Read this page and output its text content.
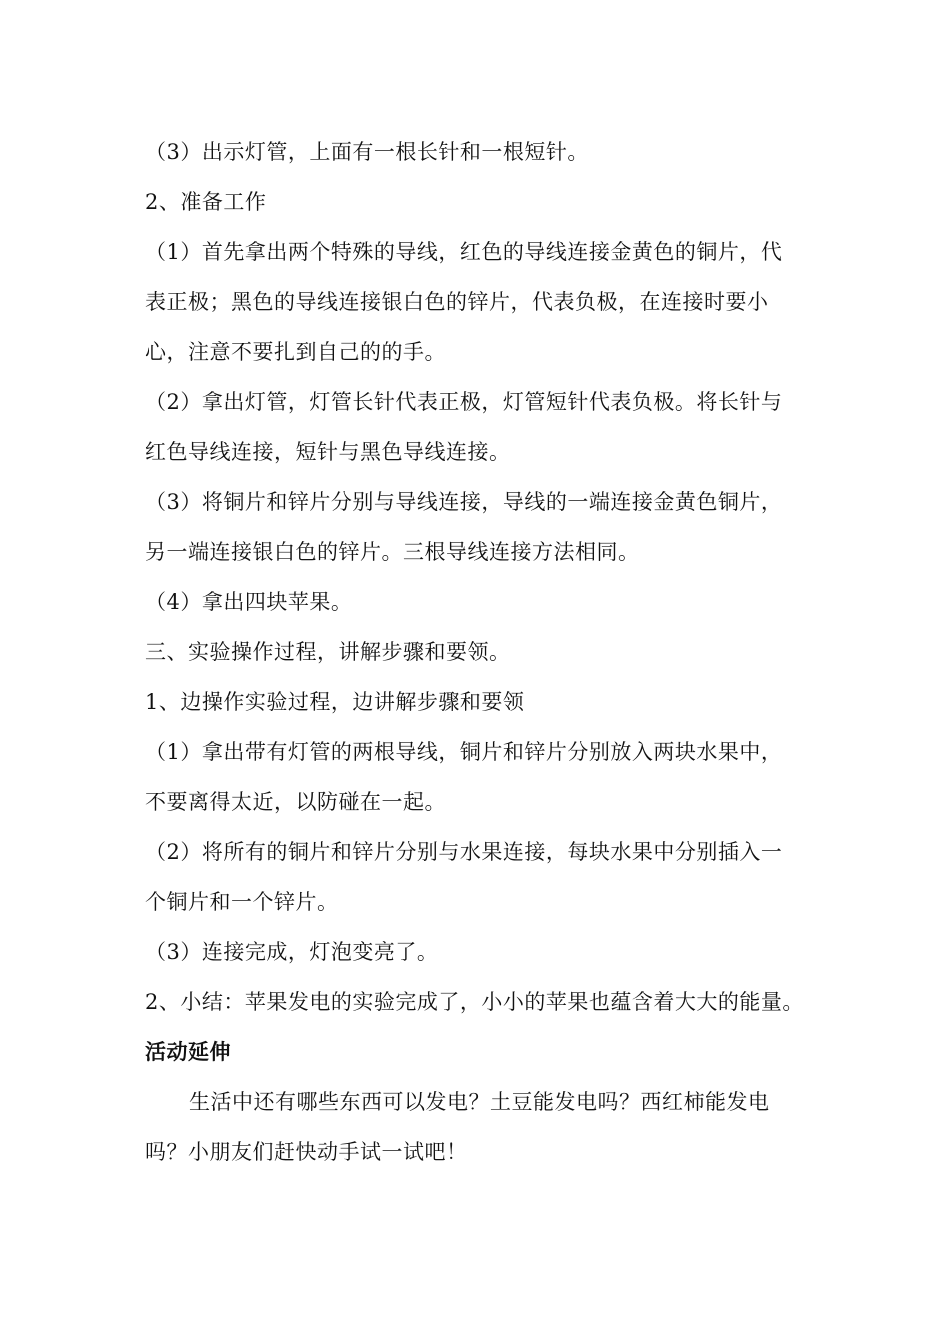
（3）出示灯管，上面有一根长针和一根短针。
2、准备工作
（1）首先拿出两个特殊的导线，红色的导线连接金黄色的铜片，代
表正极；黑色的导线连接银白色的锌片，代表负极，在连接时要小
心，注意不要扎到自己的的手。
（2）拿出灯管，灯管长针代表正极，灯管短针代表负极。将长针与
红色导线连接，短针与黑色导线连接。
（3）将铜片和锌片分别与导线连接，导线的一端连接金黄色铜片，
另一端连接银白色的锌片。三根导线连接方法相同。
（4）拿出四块苹果。
三、实验操作过程，讲解步骤和要领。
1、边操作实验过程，边讲解步骤和要领
（1）拿出带有灯管的两根导线，铜片和锌片分别放入两块水果中，
不要离得太近，以防碰在一起。
（2）将所有的铜片和锌片分别与水果连接，每块水果中分别插入一
个铜片和一个锌片。
（3）连接完成，灯泡变亮了。
2、小结：苹果发电的实验完成了，小小的苹果也蕴含着大大的能量。
活动延伸
生活中还有哪些东西可以发电？土豆能发电吗？西红柿能发电
吗？小朋友们赶快动手试一试吧！
